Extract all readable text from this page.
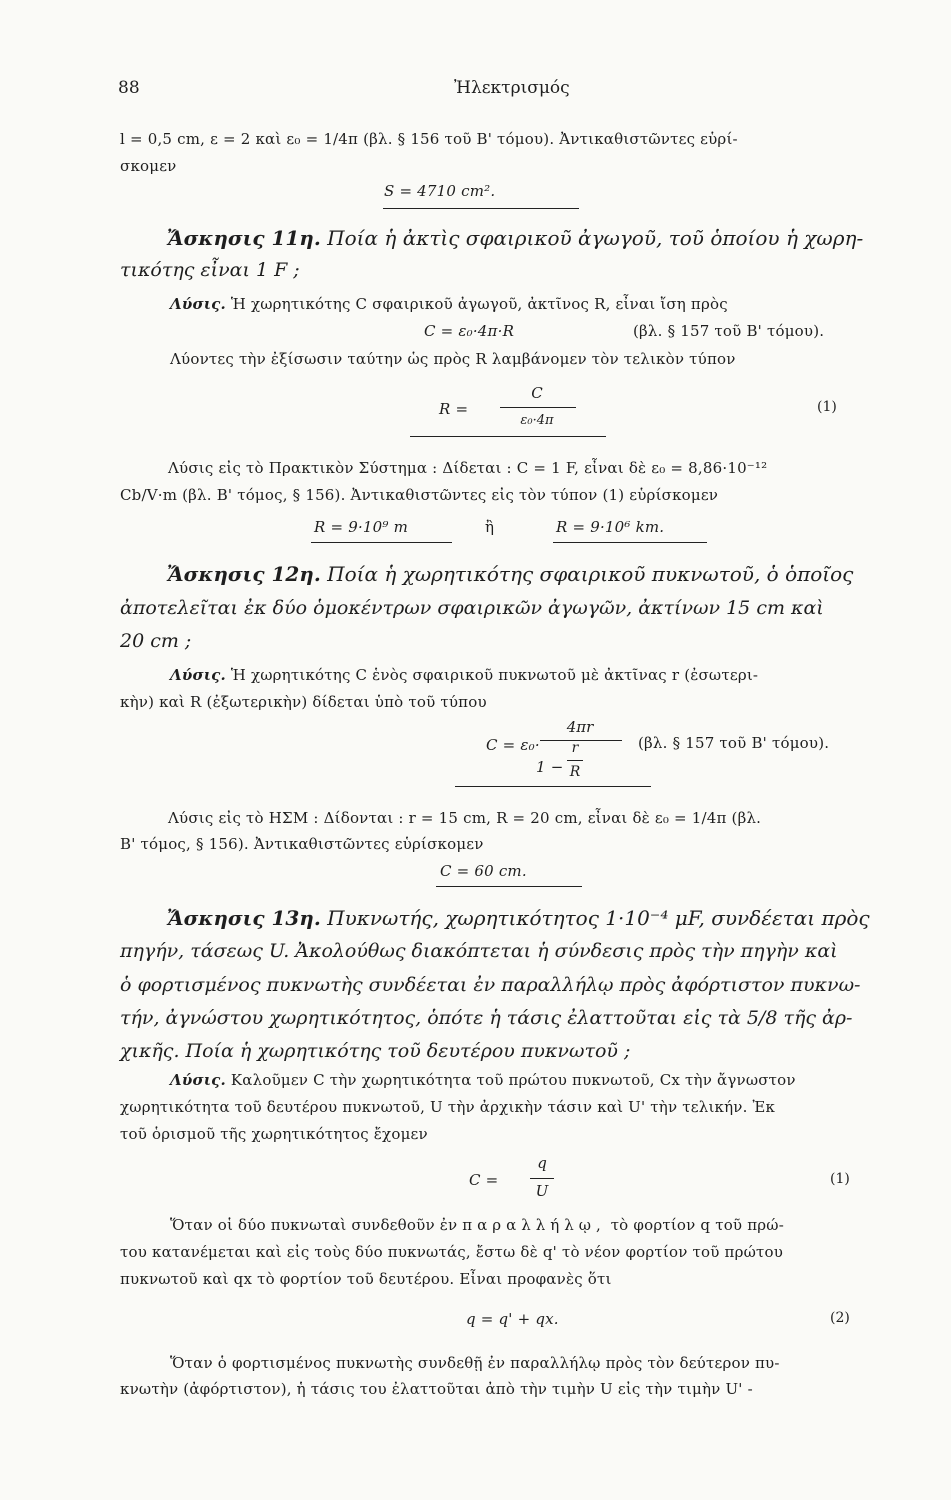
88	Ἠλεκτρισμός
l = 0,5 cm, ε = 2 καὶ ε₀ = 1/4π (βλ. § 156 τοῦ Β' τόμου). Ἀντικαθιστῶντες εὑρί-
σκομεν
S = 4710 cm².
Ἄσκησις 11η. Ποία ἡ ἀκτὶς σφαιρικοῦ ἀγωγοῦ, τοῦ ὁποίου ἡ χωρη-
τικότης εἶναι 1 F ;
Λύσις. Ἡ χωρητικότης C σφαιρικοῦ ἀγωγοῦ, ἀκτῖνος R, εἶναι ἴση πρὸς
C = ε₀·4π·R	(βλ. § 157 τοῦ Β' τόμου).
Λύοντες τὴν ἐξίσωσιν ταύτην ὡς πρὸς R λαμβάνομεν τὸν τελικὸν τύπον
R =
C
ε₀·4π
(1)
Λύσις εἰς τὸ Πρακτικὸν Σύστημα : Δίδεται : C = 1 F, εἶναι δὲ ε₀ = 8,86·10⁻¹²
Cb/V·m (βλ. Β' τόμος, § 156). Ἀντικαθιστῶντες εἰς τὸν τύπον (1) εὑρίσκομεν
R = 9·10⁹ m	ἢ	R = 9·10⁶ km.
Ἄσκησις 12η. Ποία ἡ χωρητικότης σφαιρικοῦ πυκνωτοῦ, ὁ ὁποῖος
ἀποτελεῖται ἐκ δύο ὁμοκέντρων σφαιρικῶν ἀγωγῶν, ἀκτίνων 15 cm καὶ
20 cm ;
Λύσις. Ἡ χωρητικότης C ἑνὸς σφαιρικοῦ πυκνωτοῦ μὲ ἀκτῖνας r (ἐσωτερι-
κὴν) καὶ R (ἐξωτερικὴν) δίδεται ὑπὸ τοῦ τύπου
C = ε₀·
4πr
1 −
r
R
(βλ. § 157 τοῦ Β' τόμου).
Λύσις εἰς τὸ ΗΣΜ : Δίδονται : r = 15 cm, R = 20 cm, εἶναι δὲ ε₀ = 1/4π (βλ.
Β' τόμος, § 156). Ἀντικαθιστῶντες εὑρίσκομεν
C = 60 cm.
Ἄσκησις 13η. Πυκνωτής, χωρητικότητος 1·10⁻⁴ μF, συνδέεται πρὸς
πηγήν, τάσεως U. Ἀκολούθως διακόπτεται ἡ σύνδεσις πρὸς τὴν πηγὴν καὶ
ὁ φορτισμένος πυκνωτὴς συνδέεται ἐν παραλλήλῳ πρὸς ἀφόρτιστον πυκνω-
τήν, ἀγνώστου χωρητικότητος, ὁπότε ἡ τάσις ἐλαττοῦται εἰς τὰ 5/8 τῆς ἀρ-
χικῆς. Ποία ἡ χωρητικότης τοῦ δευτέρου πυκνωτοῦ ;
Λύσις. Καλοῦμεν C τὴν χωρητικότητα τοῦ πρώτου πυκνωτοῦ, Cx τὴν ἄγνωστον
χωρητικότητα τοῦ δευτέρου πυκνωτοῦ, U τὴν ἀρχικὴν τάσιν καὶ U' τὴν τελικήν. Ἐκ
τοῦ ὁρισμοῦ τῆς χωρητικότητος ἔχομεν
C =
q
U
(1)
Ὅταν οἱ δύο πυκνωταὶ συνδεθοῦν ἐν παραλλήλῳ, τὸ φορτίον q τοῦ πρώ-
του κατανέμεται καὶ εἰς τοὺς δύο πυκνωτάς, ἔστω δὲ q' τὸ νέον φορτίον τοῦ πρώτου
πυκνωτοῦ καὶ qx τὸ φορτίον τοῦ δευτέρου. Εἶναι προφανὲς ὅτι
q = q' + qx.	(2)
Ὅταν ὁ φορτισμένος πυκνωτὴς συνδεθῇ ἐν παραλλήλῳ πρὸς τὸν δεύτερον πυ-
κνωτὴν (ἀφόρτιστον), ἡ τάσις του ἐλαττοῦται ἀπὸ τὴν τιμὴν U εἰς τὴν τιμὴν U' -
